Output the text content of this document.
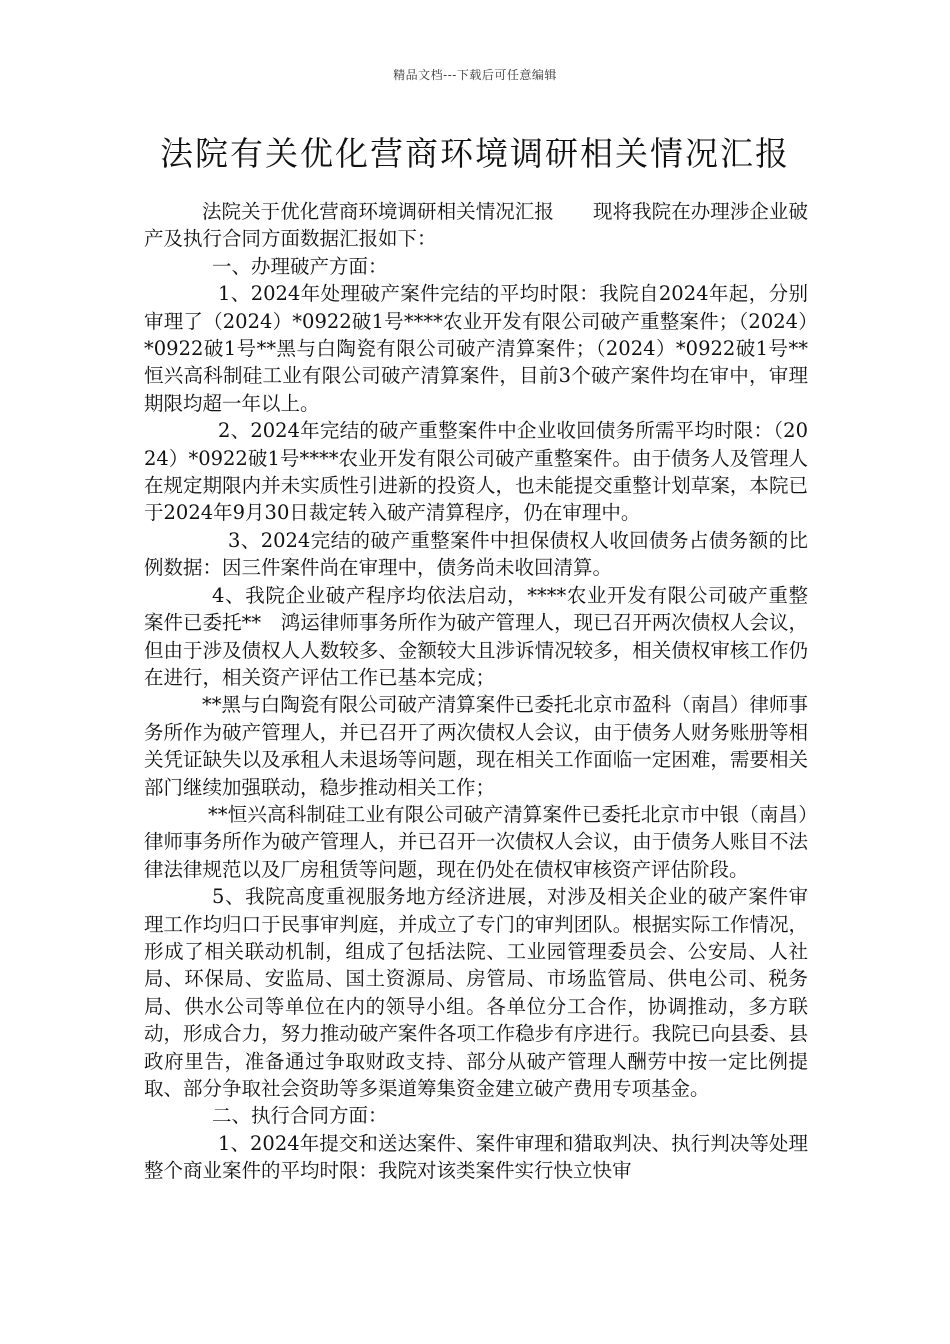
精品文档---下载后可任意编辑
法院有关优化营商环境调研相关情况汇报

法院关于优化营商环境调研相关情况汇报　　现将我院在办理涉企业破产及执行合同方面数据汇报如下：

一、办理破产方面：

1、2024年处理破产案件完结的平均时限：我院自2024年起，分别审理了（2024）*0922破1号****农业开发有限公司破产重整案件；（2024）*0922破1号**黑与白陶瓷有限公司破产清算案件；（2024）*0922破1号**恒兴高科制硅工业有限公司破产清算案件，目前3个破产案件均在审中，审理期限均超一年以上。

2、2024年完结的破产重整案件中企业收回债务所需平均时限：（2024）*0922破1号****农业开发有限公司破产重整案件。由于债务人及管理人在规定期限内并未实质性引进新的投资人，也未能提交重整计划草案，本院已于2024年9月30日裁定转入破产清算程序，仍在审理中。

3、2024完结的破产重整案件中担保债权人收回债务占债务额的比例数据：因三件案件尚在审理中，债务尚未收回清算。

4、我院企业破产程序均依法启动，****农业开发有限公司破产重整案件已委托**　鸿运律师事务所作为破产管理人，现已召开两次债权人会议，但由于涉及债权人人数较多、金额较大且涉诉情况较多，相关债权审核工作仍在进行，相关资产评估工作已基本完成；

**黑与白陶瓷有限公司破产清算案件已委托北京市盈科（南昌）律师事务所作为破产管理人，并已召开了两次债权人会议，由于债务人财务账册等相关凭证缺失以及承租人未退场等问题，现在相关工作面临一定困难，需要相关部门继续加强联动，稳步推动相关工作；

**恒兴高科制硅工业有限公司破产清算案件已委托北京市中银（南昌）律师事务所作为破产管理人，并已召开一次债权人会议，由于债务人账目不法律法律规范以及厂房租赁等问题，现在仍处在债权审核资产评估阶段。

5、我院高度重视服务地方经济进展，对涉及相关企业的破产案件审理工作均归口于民事审判庭，并成立了专门的审判团队。根据实际工作情况，形成了相关联动机制，组成了包括法院、工业园管理委员会、公安局、人社局、环保局、安监局、国土资源局、房管局、市场监管局、供电公司、税务局、供水公司等单位在内的领导小组。各单位分工合作，协调推动，多方联动，形成合力，努力推动破产案件各项工作稳步有序进行。我院已向县委、县政府里告，准备通过争取财政支持、部分从破产管理人酬劳中按一定比例提取、部分争取社会资助等多渠道筹集资金建立破产费用专项基金。

二、执行合同方面：

1、2024年提交和送达案件、案件审理和猎取判决、执行判决等处理整个商业案件的平均时限：我院对该类案件实行快立快审
